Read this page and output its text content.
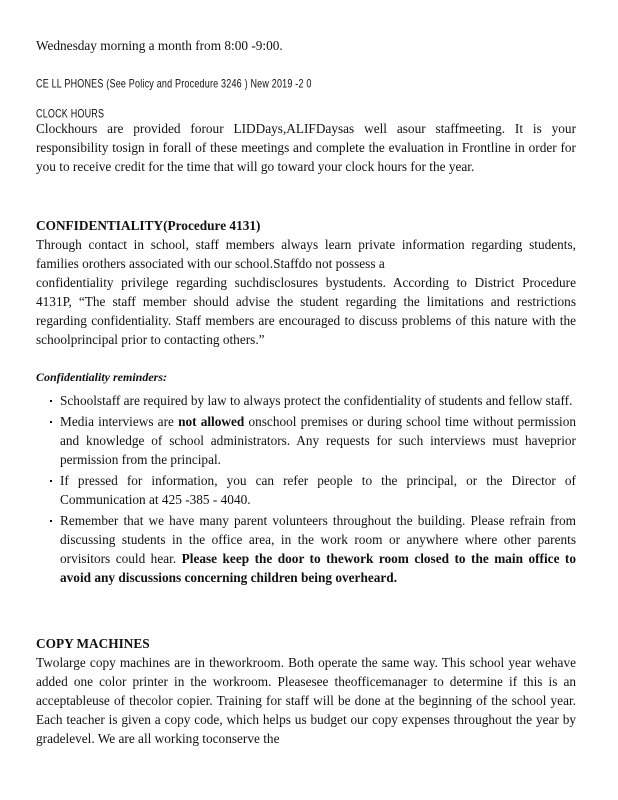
Wednesday morning a month from 8:00 -9:00.

CE LL PHONES (See Policy and Procedure 3246 ) New 2019 -2 0
CLOCK HOURS

Clockhours are provided forour LIDDays,ALIFDaysas well asour staffmeeting. It is your responsibility tosign in forall of these meetings and complete the evaluation in Frontline in order for you to receive credit for the time that will go toward your clock hours for the year.

CONFIDENTIALITY(Procedure 4131)

Through contact in school, staff members always learn private information regarding students, families orothers associated with our school.Staffdo not possess a

confidentiality privilege regarding suchdisclosures bystudents. According to District Procedure 4131P, “The staff member should advise the student regarding the limitations and restrictions regarding confidentiality. Staff members are encouraged to discuss problems of this nature with the schoolprincipal prior to contacting others.”

Confidentiality reminders:

Schoolstaff are required by law to always protect the confidentiality of students and fellow staff.
Media interviews are not allowed onschool premises or during school time without permission and knowledge of school administrators. Any requests for such interviews must haveprior permission from the principal.
If pressed for information, you can refer people to the principal, or the Director of Communication at 425 -385 - 4040.
Remember that we have many parent volunteers throughout the building. Please refrain from discussing students in the office area, in the work room or anywhere where other parents orvisitors could hear. Please keep the door to thework room closed to the main office to avoid any discussions concerning children being overheard.

COPY MACHINES

Twolarge copy machines are in theworkroom. Both operate the same way. This school year wehave added one color printer in the workroom. Pleasesee theofficemanager to determine if this is an acceptableuse of thecolor copier. Training for staff will be done at the beginning of the school year. Each teacher is given a copy code, which helps us budget our copy expenses throughout the year by gradelevel. We are all working toconserve the
